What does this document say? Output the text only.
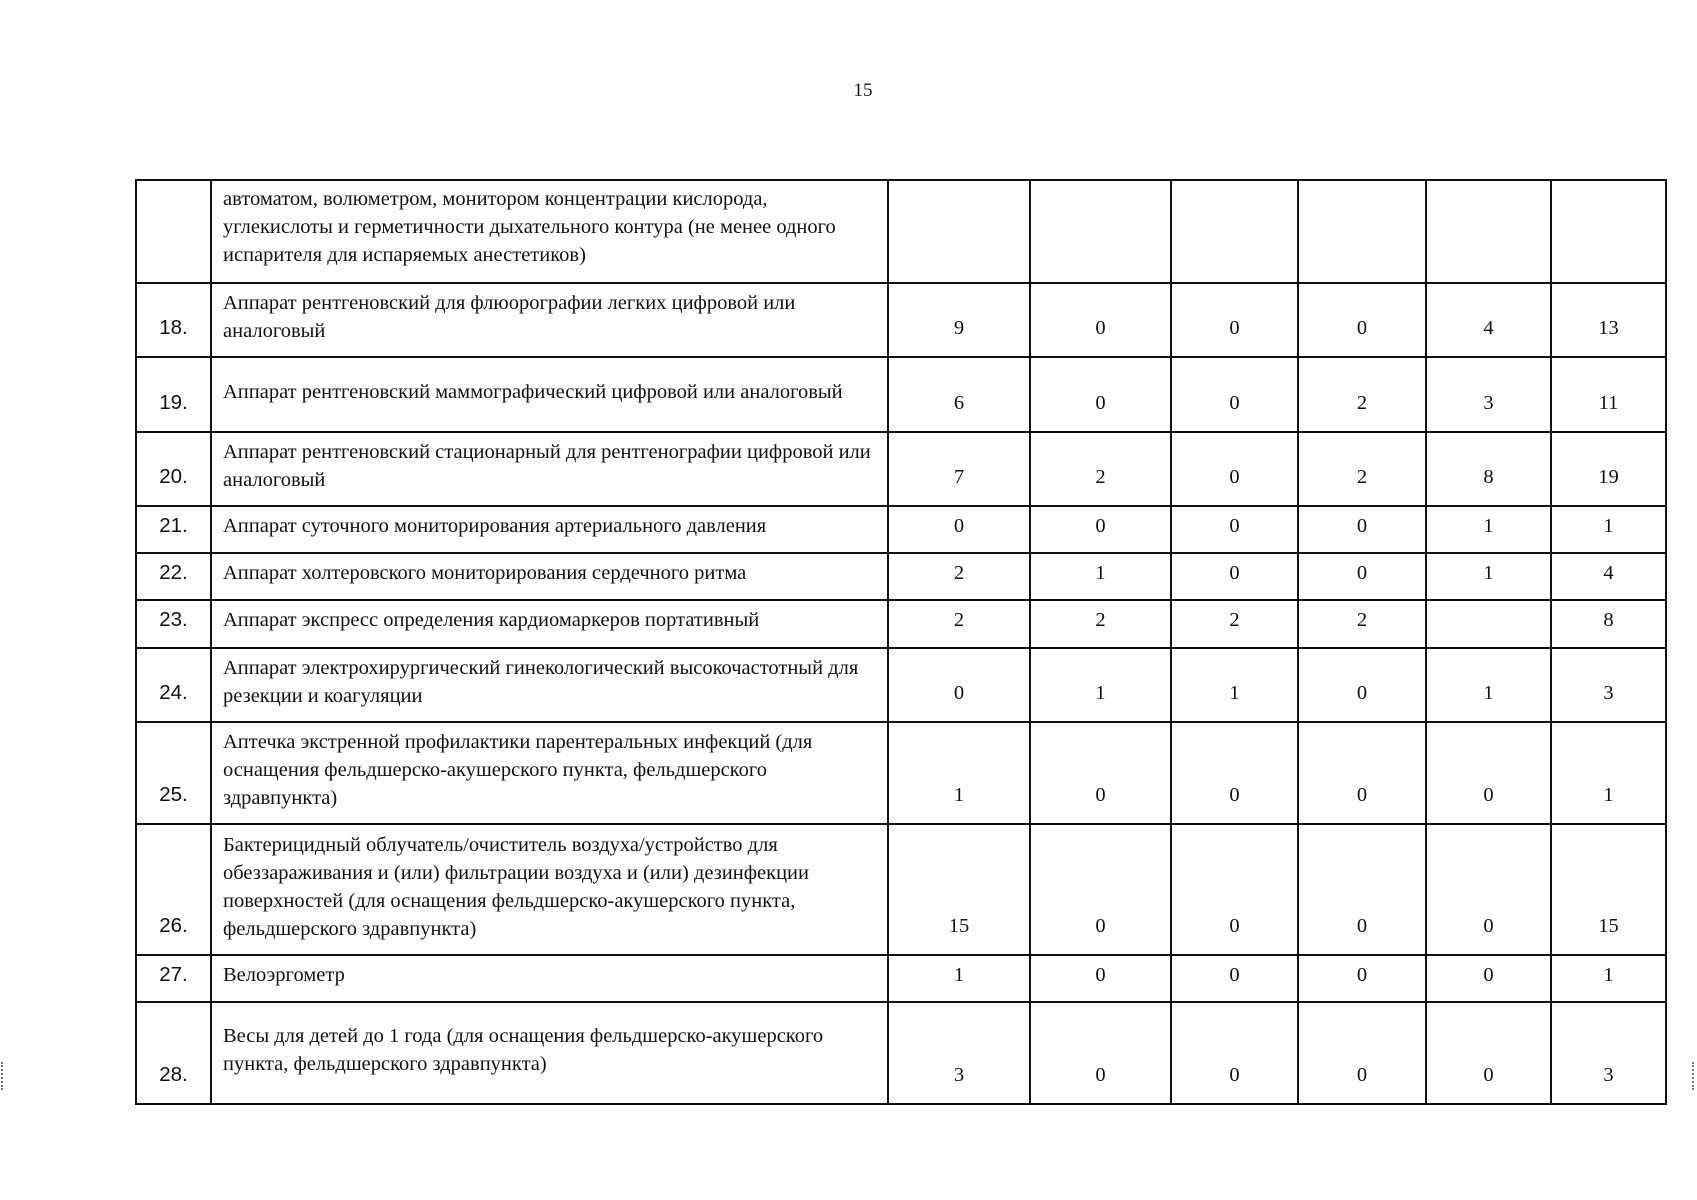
15
	автоматом, волюметром, монитором концентрации кислорода, углекислоты и герметичности дыхательного контура (не менее одного испарителя для испаряемых анестетиков)						
18.	Аппарат рентгеновский для флюорографии легких цифровой или аналоговый	9	0	0	0	4	13
19.	Аппарат рентгеновский маммографический цифровой или аналоговый	6	0	0	2	3	11
20.	Аппарат рентгеновский стационарный для рентгенографии цифровой или аналоговый	7	2	0	2	8	19
21.	Аппарат суточного мониторирования артериального давления	0	0	0	0	1	1
22.	Аппарат холтеровского мониторирования сердечного ритма	2	1	0	0	1	4
23.	Аппарат экспресс определения кардиомаркеров портативный	2	2	2	2		8
24.	Аппарат электрохирургический гинекологический высокочастотный для резекции и коагуляции	0	1	1	0	1	3
25.	Аптечка экстренной профилактики парентеральных инфекций (для оснащения фельдшерско-акушерского пункта, фельдшерского здравпункта)	1	0	0	0	0	1
26.	Бактерицидный облучатель/очиститель воздуха/устройство для обеззараживания и (или) фильтрации воздуха и (или) дезинфекции поверхностей (для оснащения фельдшерско-акушерского пункта, фельдшерского здравпункта)	15	0	0	0	0	15
27.	Велоэргометр	1	0	0	0	0	1
28.	Весы для детей до 1 года (для оснащения фельдшерско-акушерского пункта, фельдшерского здравпункта)	3	0	0	0	0	3
